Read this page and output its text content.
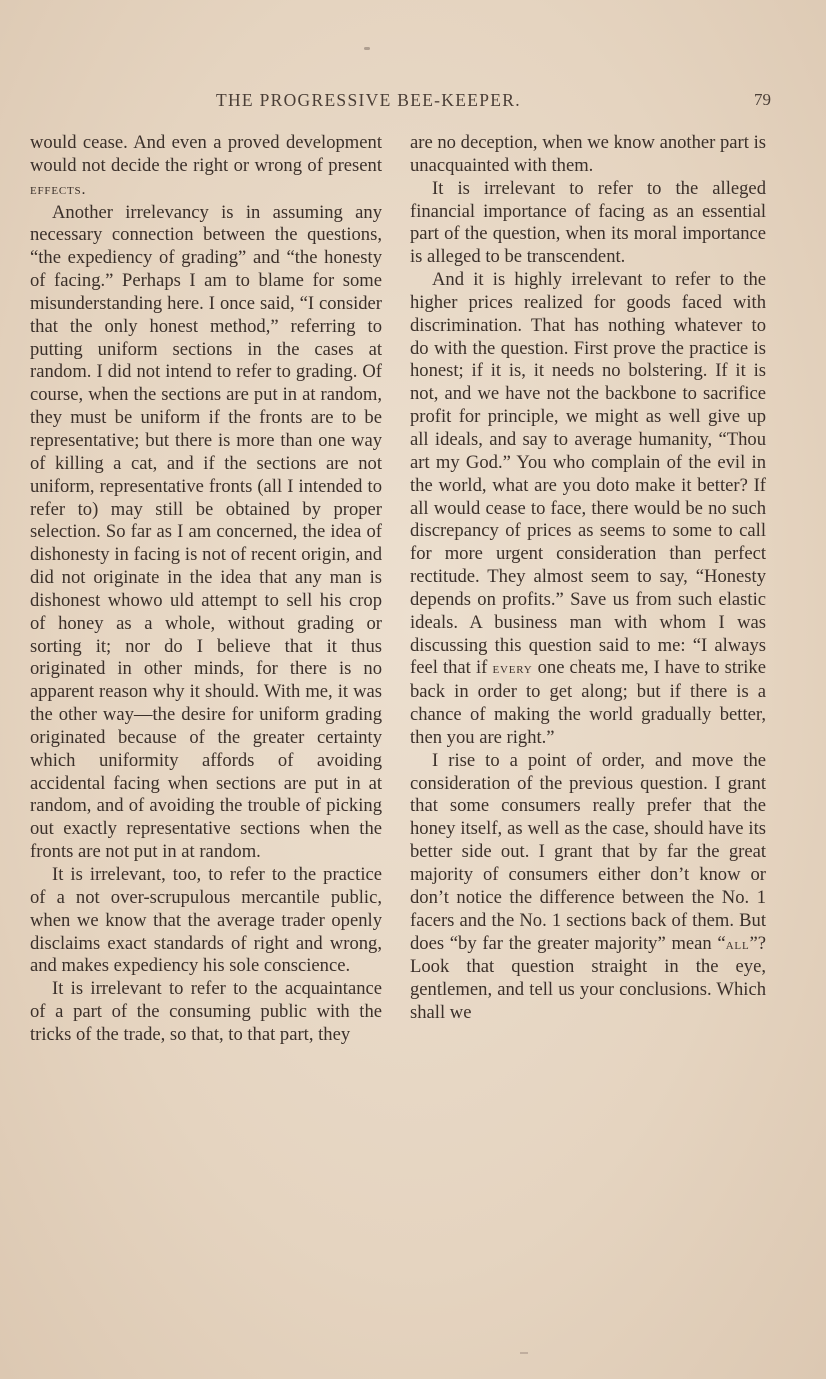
THE PROGRESSIVE BEE-KEEPER.	79

would cease. And even a proved development would not decide the right or wrong of present effects.

Another irrelevancy is in assuming any necessary connection between the questions, “the expediency of grading” and “the honesty of facing.” Perhaps I am to blame for some misunderstanding here. I once said, “I consider that the only honest method,” referring to putting uniform sections in the cases at random. I did not intend to refer to grading. Of course, when the sections are put in at random, they must be uniform if the fronts are to be representative; but there is more than one way of killing a cat, and if the sections are not uniform, representative fronts (all I intended to refer to) may still be obtained by proper selection. So far as I am concerned, the idea of dishonesty in facing is not of recent origin, and did not originate in the idea that any man is dishonest whowo uld attempt to sell his crop of honey as a whole, without grading or sorting it; nor do I believe that it thus originated in other minds, for there is no apparent reason why it should. With me, it was the other way—the desire for uniform grading originated because of the greater certainty which uniformity affords of avoiding accidental facing when sections are put in at random, and of avoiding the trouble of picking out exactly representative sections when the fronts are not put in at random.

It is irrelevant, too, to refer to the practice of a not over-scrupulous mercantile public, when we know that the average trader openly disclaims exact standards of right and wrong, and makes expediency his sole conscience.

It is irrelevant to refer to the acquaintance of a part of the consuming public with the tricks of the trade, so that, to that part, they

are no deception, when we know another part is unacquainted with them.

It is irrelevant to refer to the alleged financial importance of facing as an essential part of the question, when its moral importance is alleged to be transcendent.

And it is highly irrelevant to refer to the higher prices realized for goods faced with discrimination. That has nothing whatever to do with the question. First prove the practice is honest; if it is, it needs no bolstering. If it is not, and we have not the backbone to sacrifice profit for principle, we might as well give up all ideals, and say to average humanity, “Thou art my God.” You who complain of the evil in the world, what are you doto make it better? If all would cease to face, there would be no such discrepancy of prices as seems to some to call for more urgent consideration than perfect rectitude. They almost seem to say, “Honesty depends on profits.” Save us from such elastic ideals. A business man with whom I was discussing this question said to me: “I always feel that if every one cheats me, I have to strike back in order to get along; but if there is a chance of making the world gradually better, then you are right.”

I rise to a point of order, and move the consideration of the previous question. I grant that some consumers really prefer that the honey itself, as well as the case, should have its better side out. I grant that by far the great majority of consumers either don’t know or don’t notice the difference between the No. 1 facers and the No. 1 sections back of them. But does “by far the greater majority” mean “all”? Look that question straight in the eye, gentlemen, and tell us your conclusions. Which shall we
